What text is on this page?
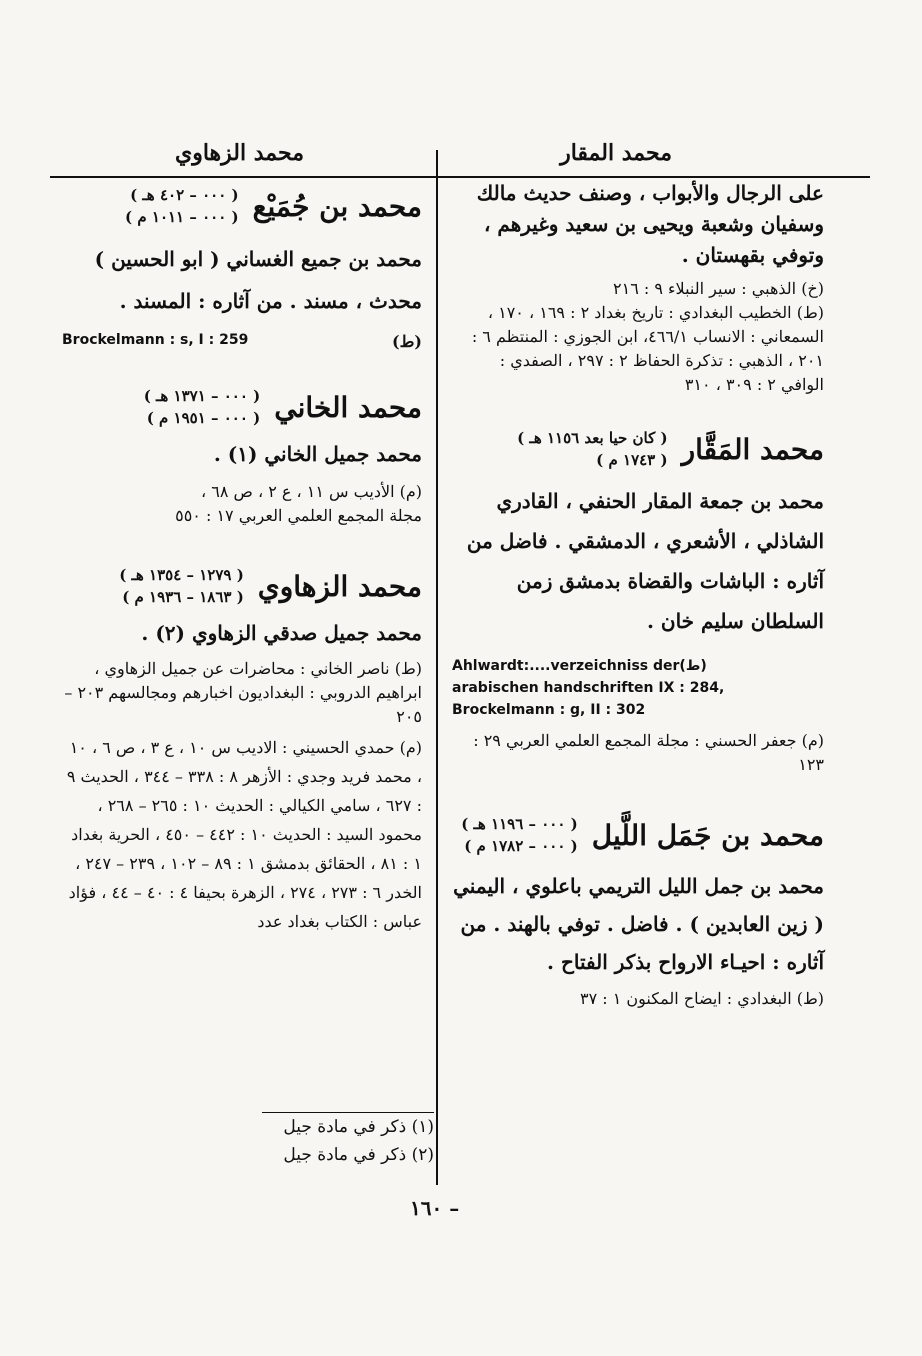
محمد المقار
محمد الزهاوي

على الرجال والأبواب ، وصنف حديث مالك وسفيان وشعبة ويحيى بن سعيد وغيرهم ، وتوفي بقهستان .

(خ) الذهبي : سير النبلاء ٩ : ٢١٦

(ط) الخطيب البغدادي : تاريخ بغداد ٢ : ١٦٩ ، ١٧٠ ، السمعاني : الانساب ٤٦٦/١، ابن الجوزي : المنتظم ٦ : ٢٠١ ، الذهبي : تذكرة الحفاظ ٢ : ٢٩٧ ، الصفدي : الوافي ٢ : ٣٠٩ ، ٣١٠

محمد المَقَّار
( كان حيا بعد ١١٥٦ هـ )
( ١٧٤٣ م )

محمد بن جمعة المقار الحنفي ، القادري الشاذلي ، الأشعري ، الدمشقي . فاضل من آثاره : الباشات والقضاة بدمشق زمن السلطان سليم خان .

Ahlwardt:....verzeichniss der(ط)
arabischen handschriften IX : 284,
Brockelmann : g, II : 302

(م) جعفر الحسني : مجلة المجمع العلمي العربي ٢٩ : ١٢٣

محمد بن جَمَل اللَّيل
( ٠٠٠ – ١١٩٦ هـ )
( ٠٠٠ – ١٧٨٢ م )

محمد بن جمل الليل التريمي باعلوي ، اليمني ( زين العابدين ) . فاضل . توفي بالهند . من آثاره : احيـاء الارواح بذكر الفتاح .

(ط) البغدادي : ايضاح المكنون ١ : ٣٧

محمد بن جُمَيْع
( ٠٠٠ – ٤٠٢ هـ )
( ٠٠٠ – ١٠١١ م )

محمد بن جميع الغساني ( ابو الحسين ) محدث ، مسند . من آثاره : المسند .

Brockelmann : s, I : 259	(ط)
محمد الخاني
( ٠٠٠ – ١٣٧١ هـ )
( ٠٠٠ – ١٩٥١ م )

محمد جميل الخاني (١) .

(م) الأديب س ١١ ، ع ٢ ، ص ٦٨ ،

مجلة المجمع العلمي العربي ١٧ : ٥٥٠

محمد الزهاوي
( ١٢٧٩ – ١٣٥٤ هـ )
( ١٨٦٣ – ١٩٣٦ م )

محمد جميل صدقي الزهاوي (٢) .

(ط) ناصر الخاني : محاضرات عن جميل الزهاوي ، ابراهيم الدروبي : البغداديون اخبارهم ومجالسهم ٢٠٣ – ٢٠٥

(م) حمدي الحسيني : الاديب س ١٠ ، ع ٣ ، ص ٦ ، ١٠ ، محمد فريد وجدي : الأزهر ٨ : ٣٣٨ – ٣٤٤ ، الحديث ٩ : ٦٢٧ ، سامي الكيالي : الحديث ١٠ : ٢٦٥ – ٢٦٨ ، محمود السيد : الحديث ١٠ : ٤٤٢ – ٤٥٠ ، الحرية بغداد ١ : ٨١ ، الحقائق بدمشق ١ : ٨٩ – ١٠٢ ، ٢٣٩ – ٢٤٧ ، الخدر ٦ : ٢٧٣ ، ٢٧٤ ، الزهرة بحيفا ٤ : ٤٠ – ٤٤ ، فؤاد عباس : الكتاب بغداد عدد

(١) ذكر في مادة جيل

(٢) ذكر في مادة جيل

– ١٦٠
